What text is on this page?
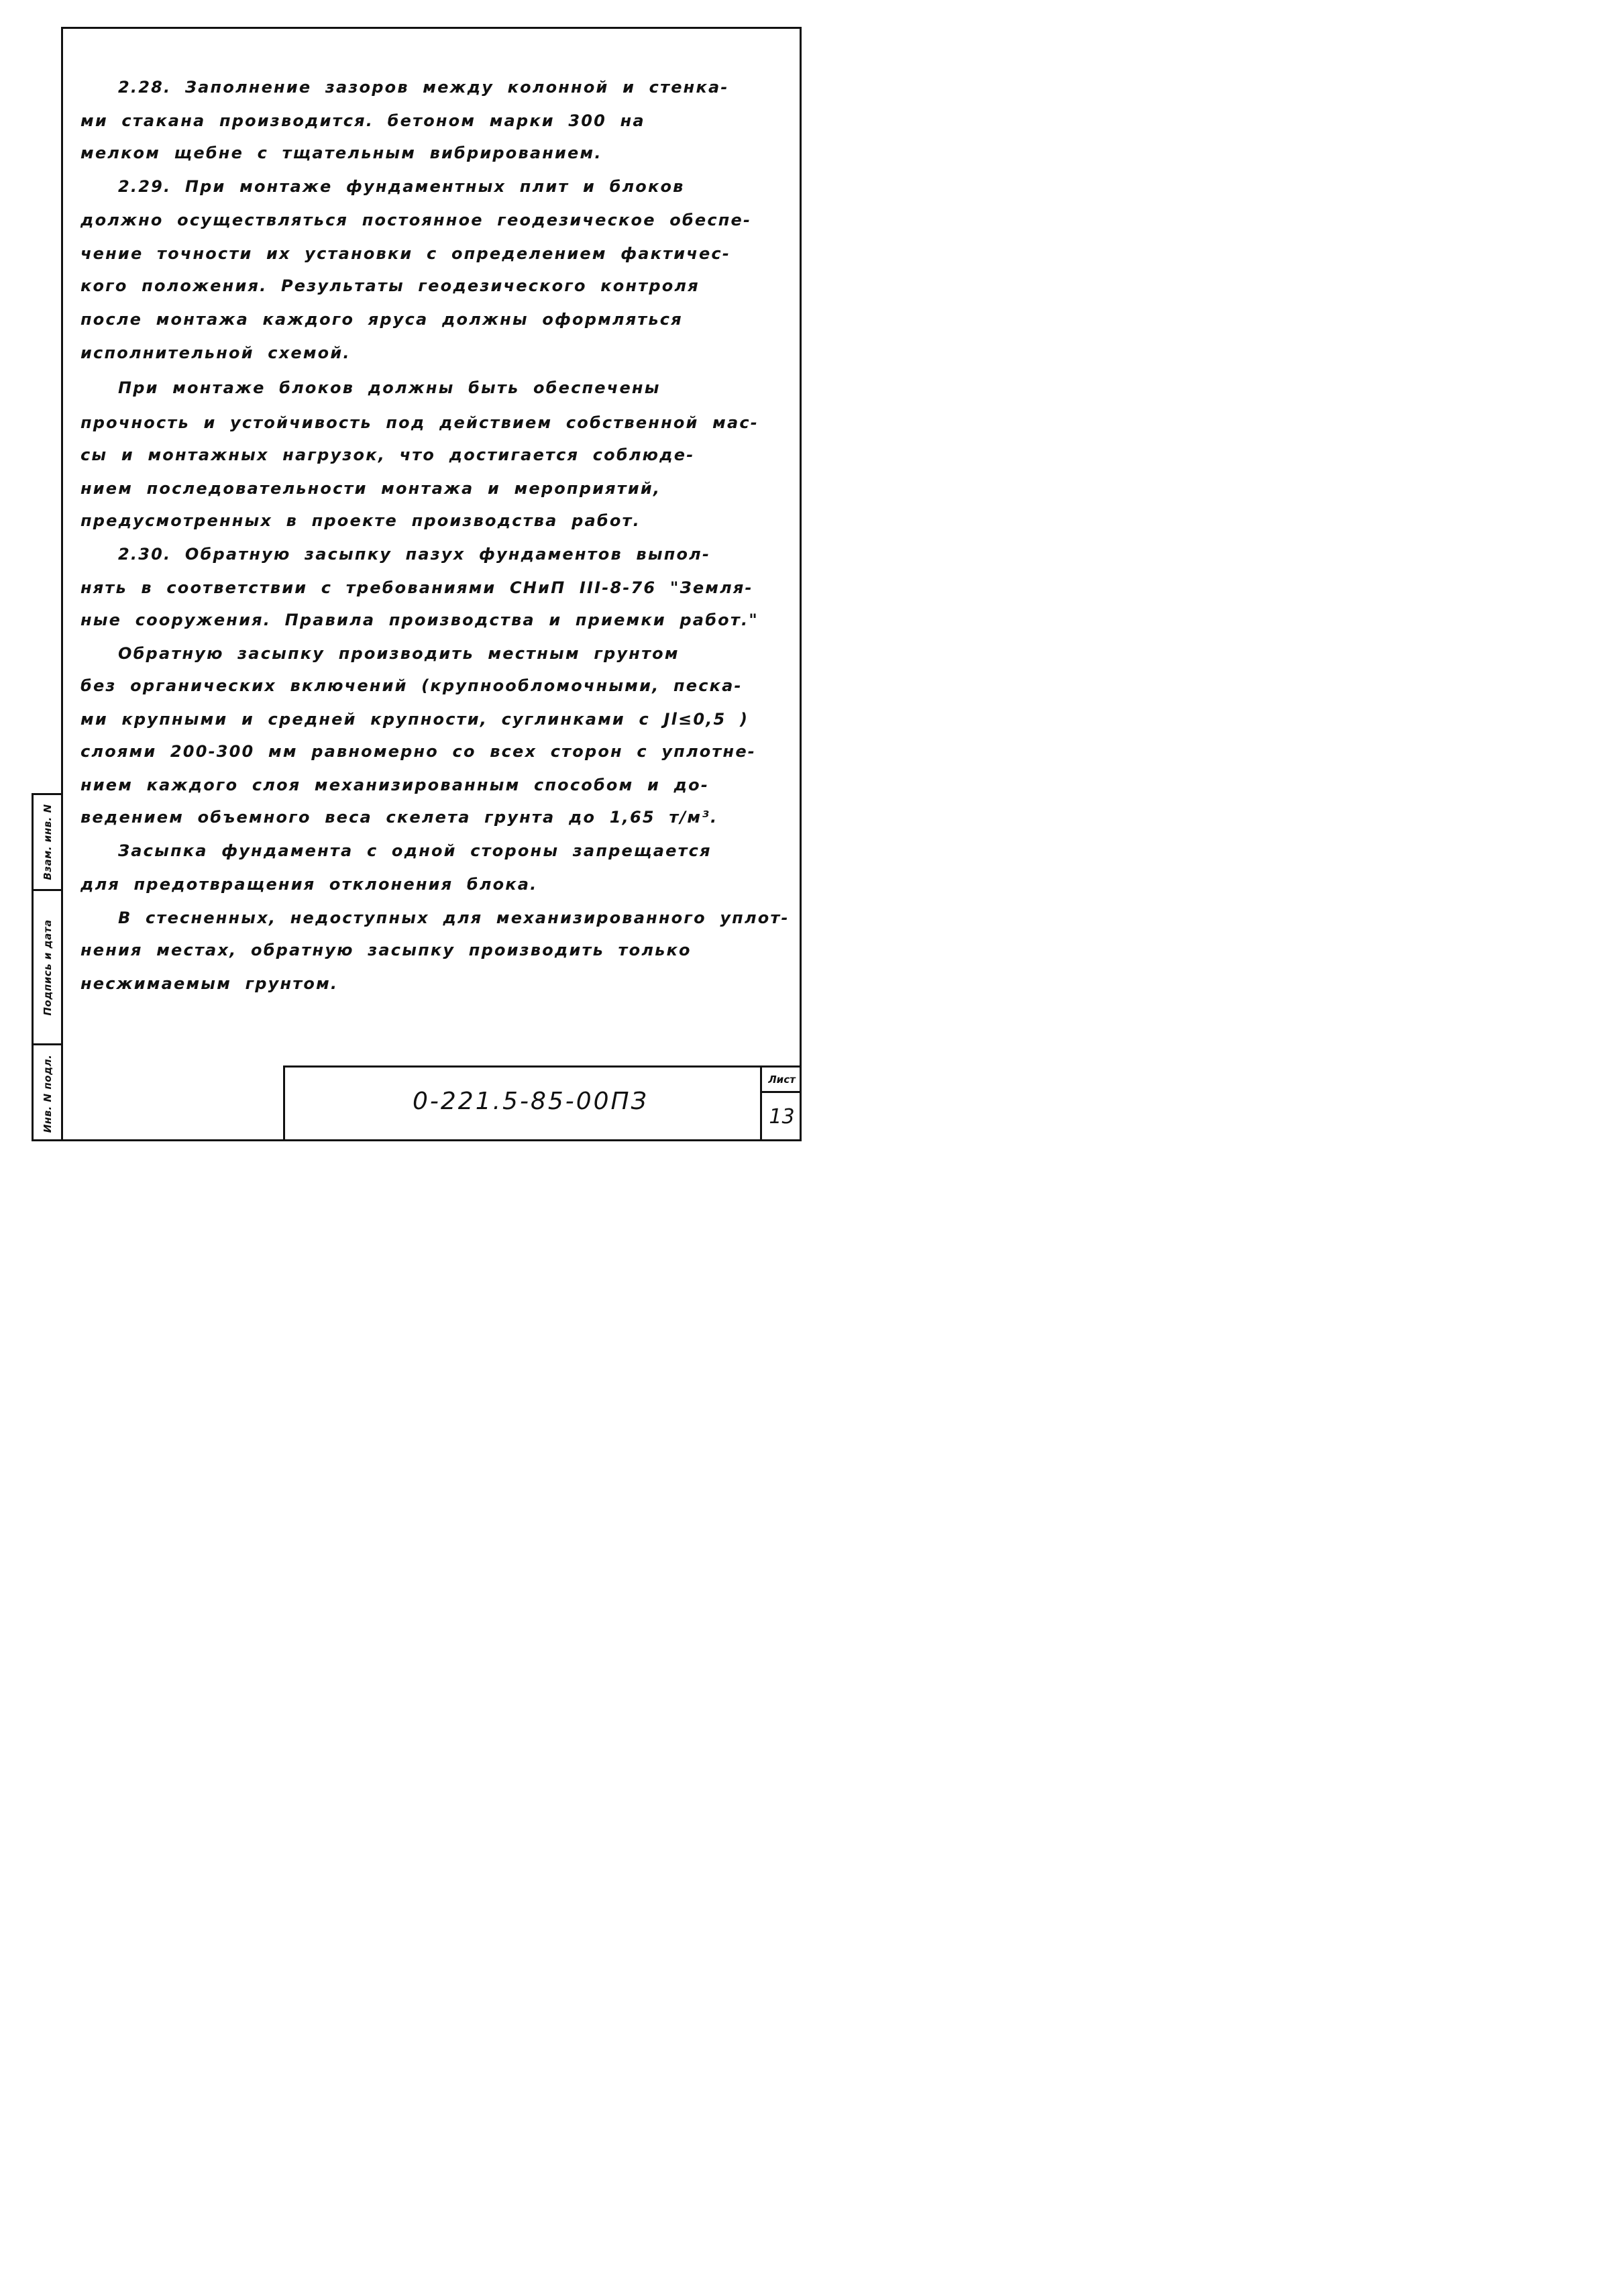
2.28. Заполнение зазоров между колонной и стенка-
ми стакана производится. бетоном марки 300 на
мелком щебне с тщательным вибрированием.
2.29. При монтаже фундаментных плит и блоков
должно осуществляться постоянное геодезическое обеспе-
чение точности их установки с определением фактичес-
кого положения. Результаты геодезического контроля
после монтажа каждого яруса должны оформляться
исполнительной схемой.
При монтаже блоков должны быть обеспечены
прочность и устойчивость под действием собственной мас-
сы и монтажных нагрузок, что достигается соблюде-
нием последовательности монтажа и мероприятий,
предусмотренных в проекте производства работ.
2.30. Обратную засыпку пазух фундаментов выпол-
нять в соответствии с требованиями СНиП III-8-76 "Земля-
ные сооружения. Правила производства и приемки работ."
Обратную засыпку производить местным грунтом
без органических включений (крупнообломочными, песка-
ми крупными и средней крупности, суглинками с Jl≤0,5 )
слоями 200-300 мм равномерно со всех сторон с уплотне-
нием каждого слоя механизированным способом и до-
ведением объемного веса скелета грунта до 1,65 т/м³.
Засыпка фундамента с одной стороны запрещается
для предотвращения отклонения блока.
В стесненных, недоступных для механизированного уплот-
нения местах, обратную засыпку производить только
несжимаемым грунтом.
Взам. инв. N
Подпись и дата
Инв. N подл.	0-221.5-85-00ПЗ
Лист
13
